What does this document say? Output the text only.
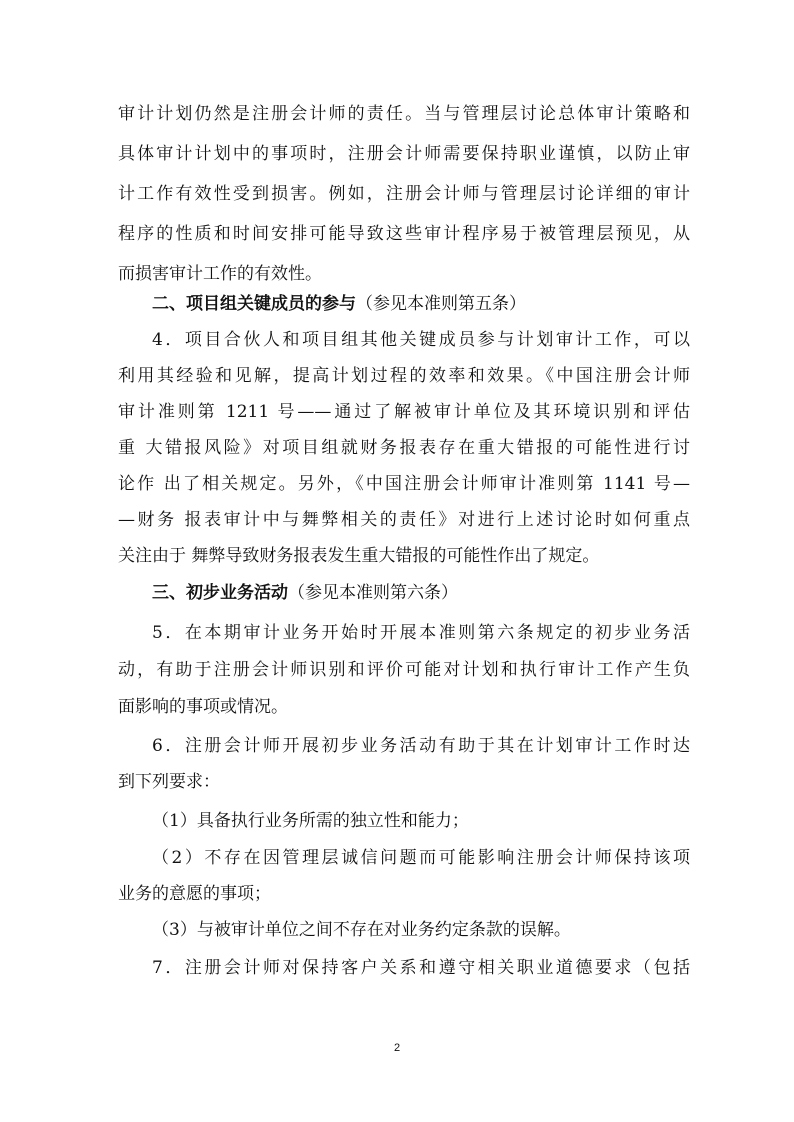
审计计划仍然是注册会计师的责任。当与管理层讨论总体审计策略和
具体审计计划中的事项时，注册会计师需要保持职业谨慎，以防止审
计工作有效性受到损害。例如，注册会计师与管理层讨论详细的审计
程序的性质和时间安排可能导致这些审计程序易于被管理层预见，从
而损害审计工作的有效性。
二、项目组关键成员的参与（参见本准则第五条）
4．项目合伙人和项目组其他关键成员参与计划审计工作，可以
利用其经验和见解，提高计划过程的效率和效果。《中国注册会计师
审计准则第 1211 号——通过了解被审计单位及其环境识别和评估
重 大错报风险》对项目组就财务报表存在重大错报的可能性进行讨
论作 出了相关规定。另外，《中国注册会计师审计准则第 1141 号—
—财务 报表审计中与舞弊相关的责任》对进行上述讨论时如何重点
关注由于 舞弊导致财务报表发生重大错报的可能性作出了规定。
三、初步业务活动（参见本准则第六条）
5．在本期审计业务开始时开展本准则第六条规定的初步业务活
动，有助于注册会计师识别和评价可能对计划和执行审计工作产生负
面影响的事项或情况。
6．注册会计师开展初步业务活动有助于其在计划审计工作时达
到下列要求：
（1）具备执行业务所需的独立性和能力；
（2）不存在因管理层诚信问题而可能影响注册会计师保持该项
业务的意愿的事项；
（3）与被审计单位之间不存在对业务约定条款的误解。
7．注册会计师对保持客户关系和遵守相关职业道德要求（包括
2
